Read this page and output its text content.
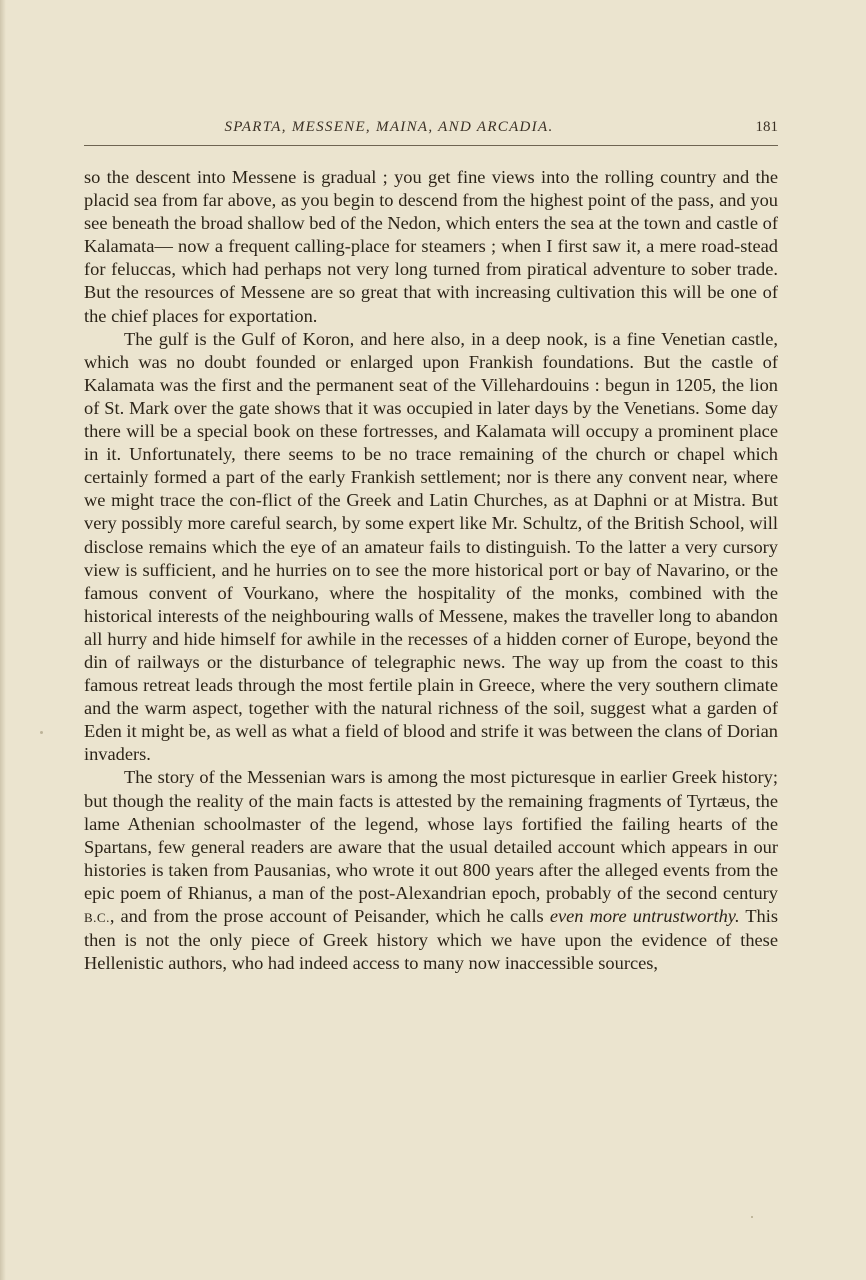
SPARTA, MESSENE, MAINA, AND ARCADIA.	181

so the descent into Messene is gradual ; you get fine views into the rolling country and the placid sea from far above, as you begin to descend from the highest point of the pass, and you see beneath the broad shallow bed of the Nedon, which enters the sea at the town and castle of Kalamata— now a frequent calling-place for steamers ; when I first saw it, a mere road-stead for feluccas, which had perhaps not very long turned from piratical adventure to sober trade. But the resources of Messene are so great that with increasing cultivation this will be one of the chief places for exportation.

The gulf is the Gulf of Koron, and here also, in a deep nook, is a fine Venetian castle, which was no doubt founded or enlarged upon Frankish foundations. But the castle of Kalamata was the first and the permanent seat of the Villehardouins : begun in 1205, the lion of St. Mark over the gate shows that it was occupied in later days by the Venetians. Some day there will be a special book on these fortresses, and Kalamata will occupy a prominent place in it. Unfortunately, there seems to be no trace remaining of the church or chapel which certainly formed a part of the early Frankish settlement; nor is there any convent near, where we might trace the con-flict of the Greek and Latin Churches, as at Daphni or at Mistra. But very possibly more careful search, by some expert like Mr. Schultz, of the British School, will disclose remains which the eye of an amateur fails to distinguish. To the latter a very cursory view is sufficient, and he hurries on to see the more historical port or bay of Navarino, or the famous convent of Vourkano, where the hospitality of the monks, combined with the historical interests of the neighbouring walls of Messene, makes the traveller long to abandon all hurry and hide himself for awhile in the recesses of a hidden corner of Europe, beyond the din of railways or the disturbance of telegraphic news. The way up from the coast to this famous retreat leads through the most fertile plain in Greece, where the very southern climate and the warm aspect, together with the natural richness of the soil, suggest what a garden of Eden it might be, as well as what a field of blood and strife it was between the clans of Dorian invaders.

The story of the Messenian wars is among the most picturesque in earlier Greek history; but though the reality of the main facts is attested by the remaining fragments of Tyrtæus, the lame Athenian schoolmaster of the legend, whose lays fortified the failing hearts of the Spartans, few general readers are aware that the usual detailed account which appears in our histories is taken from Pausanias, who wrote it out 800 years after the alleged events from the epic poem of Rhianus, a man of the post-Alexandrian epoch, probably of the second century B.C., and from the prose account of Peisander, which he calls even more untrustworthy. This then is not the only piece of Greek history which we have upon the evidence of these Hellenistic authors, who had indeed access to many now inaccessible sources,
